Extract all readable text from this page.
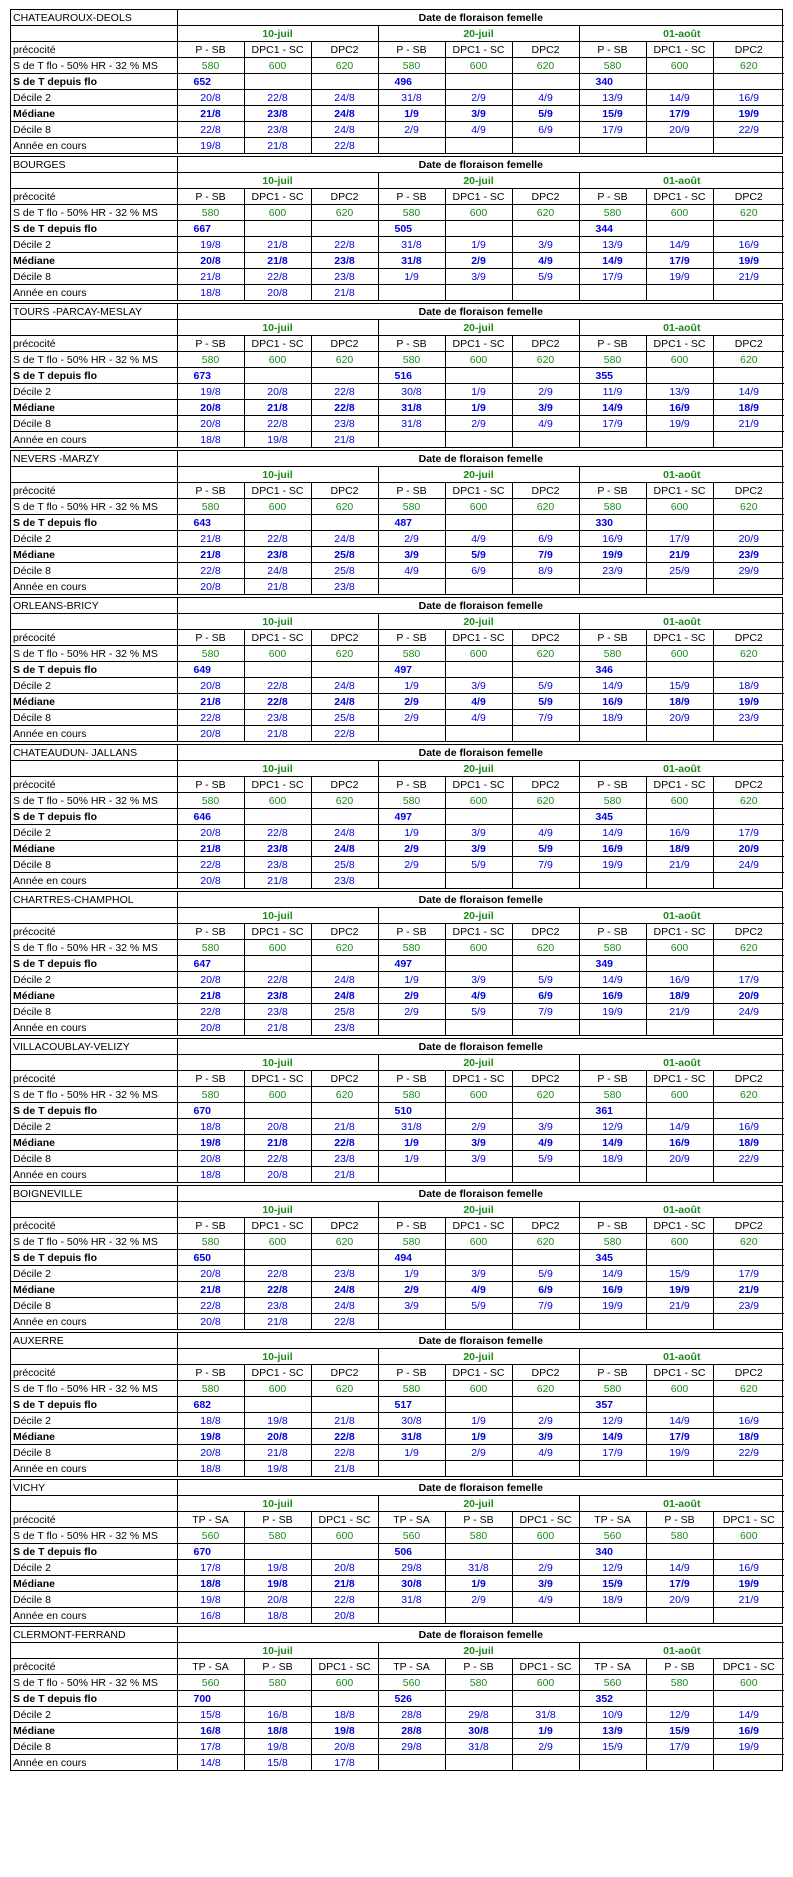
CHATEAUROUX-DEOLS	Date de floraison femelle								
	10-juil			20-juil			01-août		
précocité	P - SB	DPC1 - SC	DPC2	P - SB	DPC1 - SC	DPC2	P - SB	DPC1 - SC	DPC2
S de T flo - 50% HR - 32 % MS	580	600	620	580	600	620	580	600	620
S de T depuis flo	652			496			340		
Décile 2	20/8	22/8	24/8	31/8	2/9	4/9	13/9	14/9	16/9
Médiane	21/8	23/8	24/8	1/9	3/9	5/9	15/9	17/9	19/9
Décile 8	22/8	23/8	24/8	2/9	4/9	6/9	17/9	20/9	22/9
Année en cours	19/8	21/8	22/8						
BOURGES	Date de floraison femelle								
	10-juil			20-juil			01-août		
précocité	P - SB	DPC1 - SC	DPC2	P - SB	DPC1 - SC	DPC2	P - SB	DPC1 - SC	DPC2
S de T flo - 50% HR - 32 % MS	580	600	620	580	600	620	580	600	620
S de T depuis flo	667			505			344		
Décile 2	19/8	21/8	22/8	31/8	1/9	3/9	13/9	14/9	16/9
Médiane	20/8	21/8	23/8	31/8	2/9	4/9	14/9	17/9	19/9
Décile 8	21/8	22/8	23/8	1/9	3/9	5/9	17/9	19/9	21/9
Année en cours	18/8	20/8	21/8						
TOURS -PARCAY-MESLAY	Date de floraison femelle								
	10-juil			20-juil			01-août		
précocité	P - SB	DPC1 - SC	DPC2	P - SB	DPC1 - SC	DPC2	P - SB	DPC1 - SC	DPC2
S de T flo - 50% HR - 32 % MS	580	600	620	580	600	620	580	600	620
S de T depuis flo	673			516			355		
Décile 2	19/8	20/8	22/8	30/8	1/9	2/9	11/9	13/9	14/9
Médiane	20/8	21/8	22/8	31/8	1/9	3/9	14/9	16/9	18/9
Décile 8	20/8	22/8	23/8	31/8	2/9	4/9	17/9	19/9	21/9
Année en cours	18/8	19/8	21/8						
NEVERS -MARZY	Date de floraison femelle								
	10-juil			20-juil			01-août		
précocité	P - SB	DPC1 - SC	DPC2	P - SB	DPC1 - SC	DPC2	P - SB	DPC1 - SC	DPC2
S de T flo - 50% HR - 32 % MS	580	600	620	580	600	620	580	600	620
S de T depuis flo	643			487			330		
Décile 2	21/8	22/8	24/8	2/9	4/9	6/9	16/9	17/9	20/9
Médiane	21/8	23/8	25/8	3/9	5/9	7/9	19/9	21/9	23/9
Décile 8	22/8	24/8	25/8	4/9	6/9	8/9	23/9	25/9	29/9
Année en cours	20/8	21/8	23/8						
ORLEANS-BRICY	Date de floraison femelle								
	10-juil			20-juil			01-août		
précocité	P - SB	DPC1 - SC	DPC2	P - SB	DPC1 - SC	DPC2	P - SB	DPC1 - SC	DPC2
S de T flo - 50% HR - 32 % MS	580	600	620	580	600	620	580	600	620
S de T depuis flo	649			497			346		
Décile 2	20/8	22/8	24/8	1/9	3/9	5/9	14/9	15/9	18/9
Médiane	21/8	22/8	24/8	2/9	4/9	5/9	16/9	18/9	19/9
Décile 8	22/8	23/8	25/8	2/9	4/9	7/9	18/9	20/9	23/9
Année en cours	20/8	21/8	22/8						
CHATEAUDUN- JALLANS	Date de floraison femelle								
	10-juil			20-juil			01-août		
précocité	P - SB	DPC1 - SC	DPC2	P - SB	DPC1 - SC	DPC2	P - SB	DPC1 - SC	DPC2
S de T flo - 50% HR - 32 % MS	580	600	620	580	600	620	580	600	620
S de T depuis flo	646			497			345		
Décile 2	20/8	22/8	24/8	1/9	3/9	4/9	14/9	16/9	17/9
Médiane	21/8	23/8	24/8	2/9	3/9	5/9	16/9	18/9	20/9
Décile 8	22/8	23/8	25/8	2/9	5/9	7/9	19/9	21/9	24/9
Année en cours	20/8	21/8	23/8						
CHARTRES-CHAMPHOL	Date de floraison femelle								
	10-juil			20-juil			01-août		
précocité	P - SB	DPC1 - SC	DPC2	P - SB	DPC1 - SC	DPC2	P - SB	DPC1 - SC	DPC2
S de T flo - 50% HR - 32 % MS	580	600	620	580	600	620	580	600	620
S de T depuis flo	647			497			349		
Décile 2	20/8	22/8	24/8	1/9	3/9	5/9	14/9	16/9	17/9
Médiane	21/8	23/8	24/8	2/9	4/9	6/9	16/9	18/9	20/9
Décile 8	22/8	23/8	25/8	2/9	5/9	7/9	19/9	21/9	24/9
Année en cours	20/8	21/8	23/8						
VILLACOUBLAY-VELIZY	Date de floraison femelle								
	10-juil			20-juil			01-août		
précocité	P - SB	DPC1 - SC	DPC2	P - SB	DPC1 - SC	DPC2	P - SB	DPC1 - SC	DPC2
S de T flo - 50% HR - 32 % MS	580	600	620	580	600	620	580	600	620
S de T depuis flo	670			510			361		
Décile 2	18/8	20/8	21/8	31/8	2/9	3/9	12/9	14/9	16/9
Médiane	19/8	21/8	22/8	1/9	3/9	4/9	14/9	16/9	18/9
Décile 8	20/8	22/8	23/8	1/9	3/9	5/9	18/9	20/9	22/9
Année en cours	18/8	20/8	21/8						
BOIGNEVILLE	Date de floraison femelle								
	10-juil			20-juil			01-août		
précocité	P - SB	DPC1 - SC	DPC2	P - SB	DPC1 - SC	DPC2	P - SB	DPC1 - SC	DPC2
S de T flo - 50% HR - 32 % MS	580	600	620	580	600	620	580	600	620
S de T depuis flo	650			494			345		
Décile 2	20/8	22/8	23/8	1/9	3/9	5/9	14/9	15/9	17/9
Médiane	21/8	22/8	24/8	2/9	4/9	6/9	16/9	19/9	21/9
Décile 8	22/8	23/8	24/8	3/9	5/9	7/9	19/9	21/9	23/9
Année en cours	20/8	21/8	22/8						
AUXERRE	Date de floraison femelle								
	10-juil			20-juil			01-août		
précocité	P - SB	DPC1 - SC	DPC2	P - SB	DPC1 - SC	DPC2	P - SB	DPC1 - SC	DPC2
S de T flo - 50% HR - 32 % MS	580	600	620	580	600	620	580	600	620
S de T depuis flo	682			517			357		
Décile 2	18/8	19/8	21/8	30/8	1/9	2/9	12/9	14/9	16/9
Médiane	19/8	20/8	22/8	31/8	1/9	3/9	14/9	17/9	18/9
Décile 8	20/8	21/8	22/8	1/9	2/9	4/9	17/9	19/9	22/9
Année en cours	18/8	19/8	21/8						
VICHY	Date de floraison femelle								
	10-juil			20-juil			01-août		
précocité	TP - SA	P - SB	DPC1 - SC	TP - SA	P - SB	DPC1 - SC	TP - SA	P - SB	DPC1 - SC
S de T flo - 50% HR - 32 % MS	560	580	600	560	580	600	560	580	600
S de T depuis flo	670			506			340		
Décile 2	17/8	19/8	20/8	29/8	31/8	2/9	12/9	14/9	16/9
Médiane	18/8	19/8	21/8	30/8	1/9	3/9	15/9	17/9	19/9
Décile 8	19/8	20/8	22/8	31/8	2/9	4/9	18/9	20/9	21/9
Année en cours	16/8	18/8	20/8						
CLERMONT-FERRAND	Date de floraison femelle								
	10-juil			20-juil			01-août		
précocité	TP - SA	P - SB	DPC1 - SC	TP - SA	P - SB	DPC1 - SC	TP - SA	P - SB	DPC1 - SC
S de T flo - 50% HR - 32 % MS	560	580	600	560	580	600	560	580	600
S de T depuis flo	700			526			352		
Décile 2	15/8	16/8	18/8	28/8	29/8	31/8	10/9	12/9	14/9
Médiane	16/8	18/8	19/8	28/8	30/8	1/9	13/9	15/9	16/9
Décile 8	17/8	19/8	20/8	29/8	31/8	2/9	15/9	17/9	19/9
Année en cours	14/8	15/8	17/8						
